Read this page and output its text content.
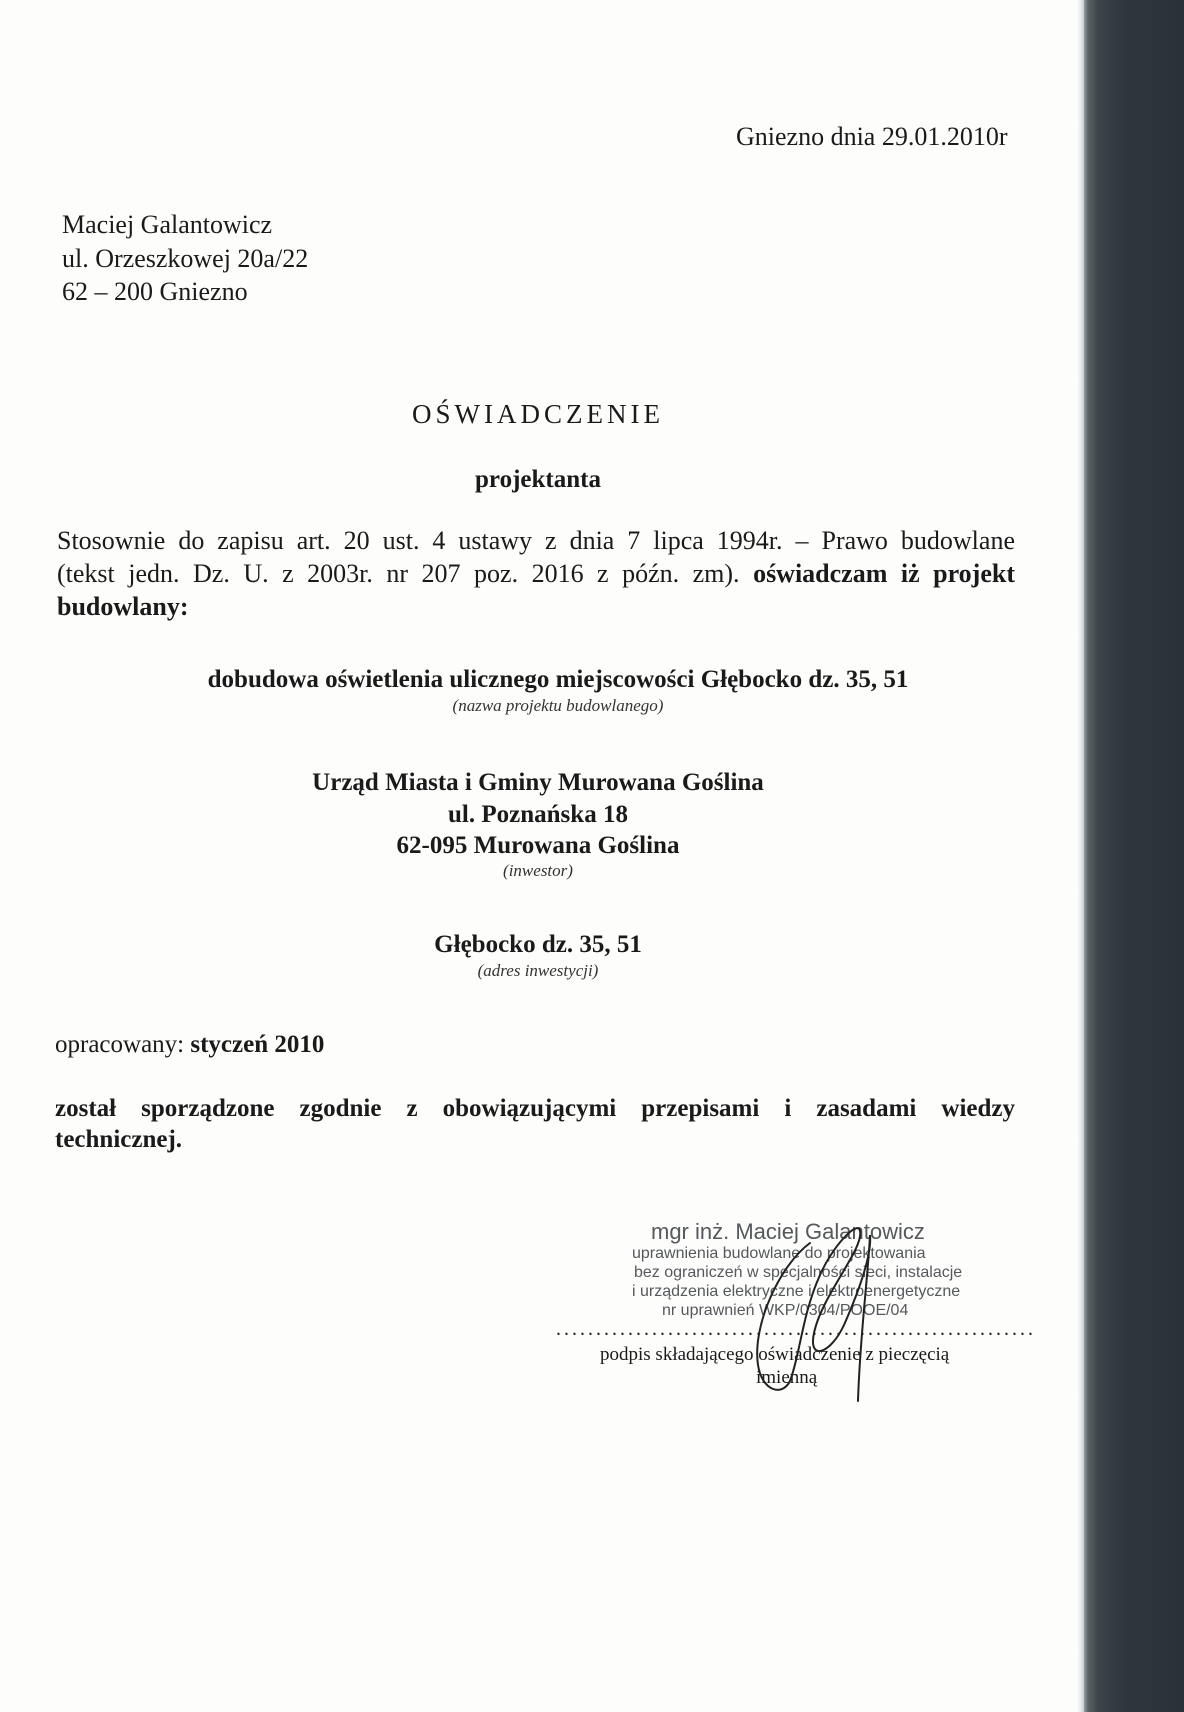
Gniezno dnia 29.01.2010r
Maciej Galantowicz
ul. Orzeszkowej 20a/22
62 – 200 Gniezno
OŚWIADCZENIE
projektanta
Stosownie do zapisu art. 20 ust. 4 ustawy z dnia 7 lipca 1994r. – Prawo budowlane
(tekst jedn. Dz. U. z 2003r. nr 207 poz. 2016 z późn. zm). oświadczam iż projekt
budowlany:
dobudowa oświetlenia ulicznego miejscowości Głębocko dz. 35, 51
(nazwa projektu budowlanego)
Urząd Miasta i Gminy Murowana Goślina
ul. Poznańska 18
62-095 Murowana Goślina
(inwestor)
Głębocko dz. 35, 51
(adres inwestycji)
opracowany: styczeń 2010
został sporządzone zgodnie z obowiązującymi przepisami i zasadami wiedzy
technicznej.
mgr inż. Maciej Galantowicz
uprawnienia budowlane do projektowania
bez ograniczeń w specjalności sieci, instalacje
i urządzenia elektryczne i elektroenergetyczne
nr uprawnień WKP/0304/POOE/04
............................................................
podpis składającego oświadczenie z pieczęcią
imienną
